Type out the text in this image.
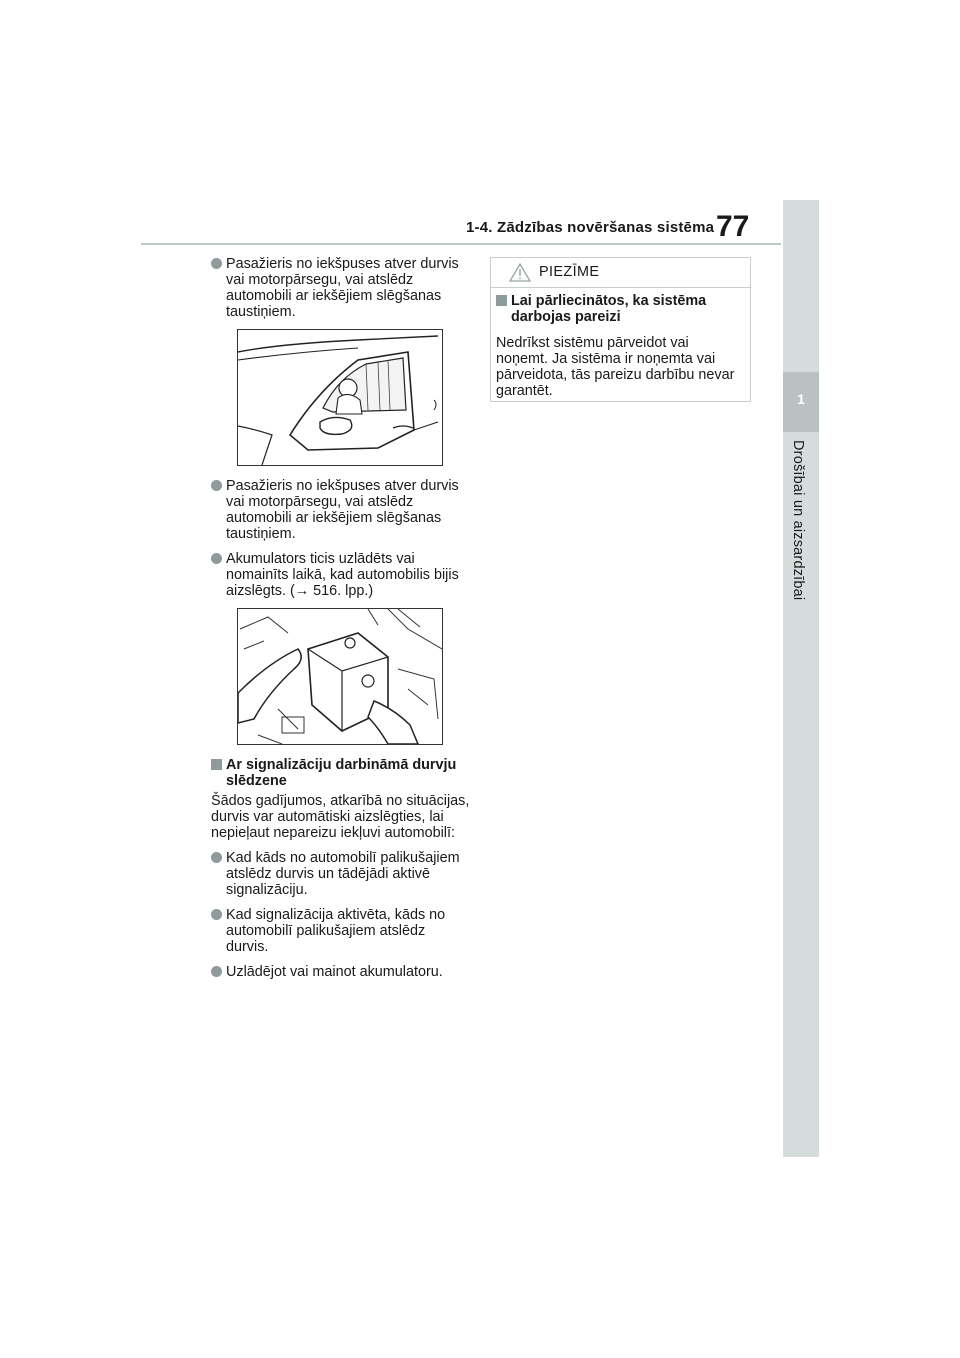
1-4. Zādzības novēršanas sistēma 77
1
Drošībai un aizsardzībai
Pasažieris no iekšpuses atver durvis vai motorpārsegu, vai atslēdz automobili ar iekšējiem slēgšanas taustiņiem.
Pasažieris no iekšpuses atver durvis vai motorpārsegu, vai atslēdz automobili ar iekšējiem slēgšanas taustiņiem.
Akumulators ticis uzlādēts vai nomainīts laikā, kad automobilis bijis aizslēgts. (→ 516. lpp.)
Ar signalizāciju darbināmā durvju slēdzene
Šādos gadījumos, atkarībā no situācijas, durvis var automātiski aizslēgties, lai nepieļaut nepareizu iekļuvi automobilī:
Kad kāds no automobilī palikušajiem atslēdz durvis un tādējādi aktivē signalizāciju.
Kad signalizācija aktivēta, kāds no automobilī palikušajiem atslēdz durvis.
Uzlādējot vai mainot akumulatoru.
PIEZĪME
Lai pārliecinātos, ka sistēma darbojas pareizi
Nedrīkst sistēmu pārveidot vai noņemt. Ja sistēma ir noņemta vai pārveidota, tās pareizu darbību nevar garantēt.
